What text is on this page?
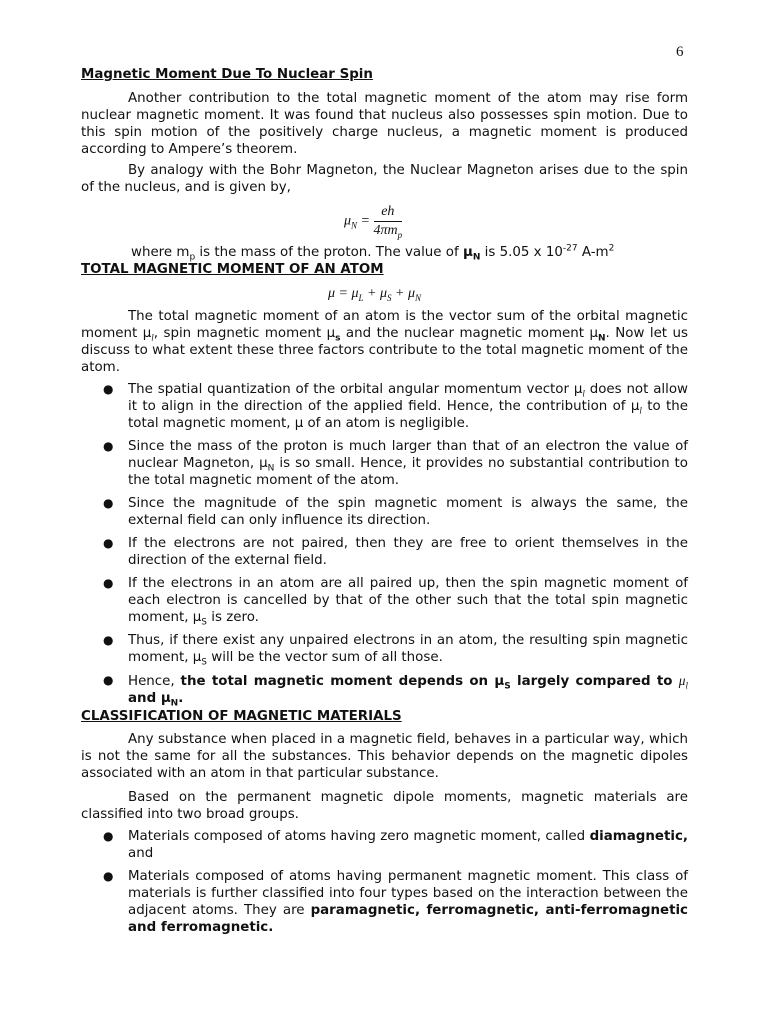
6
Magnetic Moment Due To Nuclear Spin
Another contribution to the total magnetic moment of the atom may rise form nuclear magnetic moment. It was found that nucleus also possesses spin motion. Due to this spin motion of the positively charge nucleus, a magnetic moment is produced according to Ampere’s theorem.
By analogy with the Bohr Magneton, the Nuclear Magneton arises due to the spin of the nucleus, and is given by,
$\mu_N = \frac{eh}{4\pi m_p}$
where $m_p$ is the mass of the proton. The value of $\mu_N$ is 5.05 x $10^{-27}$ $A-m^2$
TOTAL MAGNETIC MOMENT OF AN ATOM
$\mu = \mu_L + \mu_S + \mu_N$
The total magnetic moment of an atom is the vector sum of the orbital magnetic moment $\mu_l$, spin magnetic moment $\mu_s$ and the nuclear magnetic moment $\mu_N$. Now let us discuss to what extent these three factors contribute to the total magnetic moment of the atom.
● The spatial quantization of the orbital angular momentum vector $\mu_l$ does not allow it to align in the direction of the applied field. Hence, the contribution of $\mu_l$ to the total magnetic moment, μ of an atom is negligible.
● Since the mass of the proton is much larger than that of an electron the value of nuclear Magneton, $\mu_N$ is so small. Hence, it provides no substantial contribution to the total magnetic moment of the atom.
● Since the magnitude of the spin magnetic moment is always the same, the external field can only influence its direction.
● If the electrons are not paired, then they are free to orient themselves in the direction of the external field.
● If the electrons in an atom are all paired up, then the spin magnetic moment of each electron is cancelled by that of the other such that the total spin magnetic moment, $\mu_S$ is zero.
● Thus, if there exist any unpaired electrons in an atom, the resulting spin magnetic moment, $\mu_S$ will be the vector sum of all those.
● Hence, the total magnetic moment depends on $\mu_S$ largely compared to $\mu_l$ and $\mu_N$.
CLASSIFICATION OF MAGNETIC MATERIALS
Any substance when placed in a magnetic field, behaves in a particular way, which is not the same for all the substances. This behavior depends on the magnetic dipoles associated with an atom in that particular substance.
Based on the permanent magnetic dipole moments, magnetic materials are classified into two broad groups.
● Materials composed of atoms having zero magnetic moment, called diamagnetic, and
● Materials composed of atoms having permanent magnetic moment. This class of materials is further classified into four types based on the interaction between the adjacent atoms. They are paramagnetic, ferromagnetic, anti-ferromagnetic and ferromagnetic.
